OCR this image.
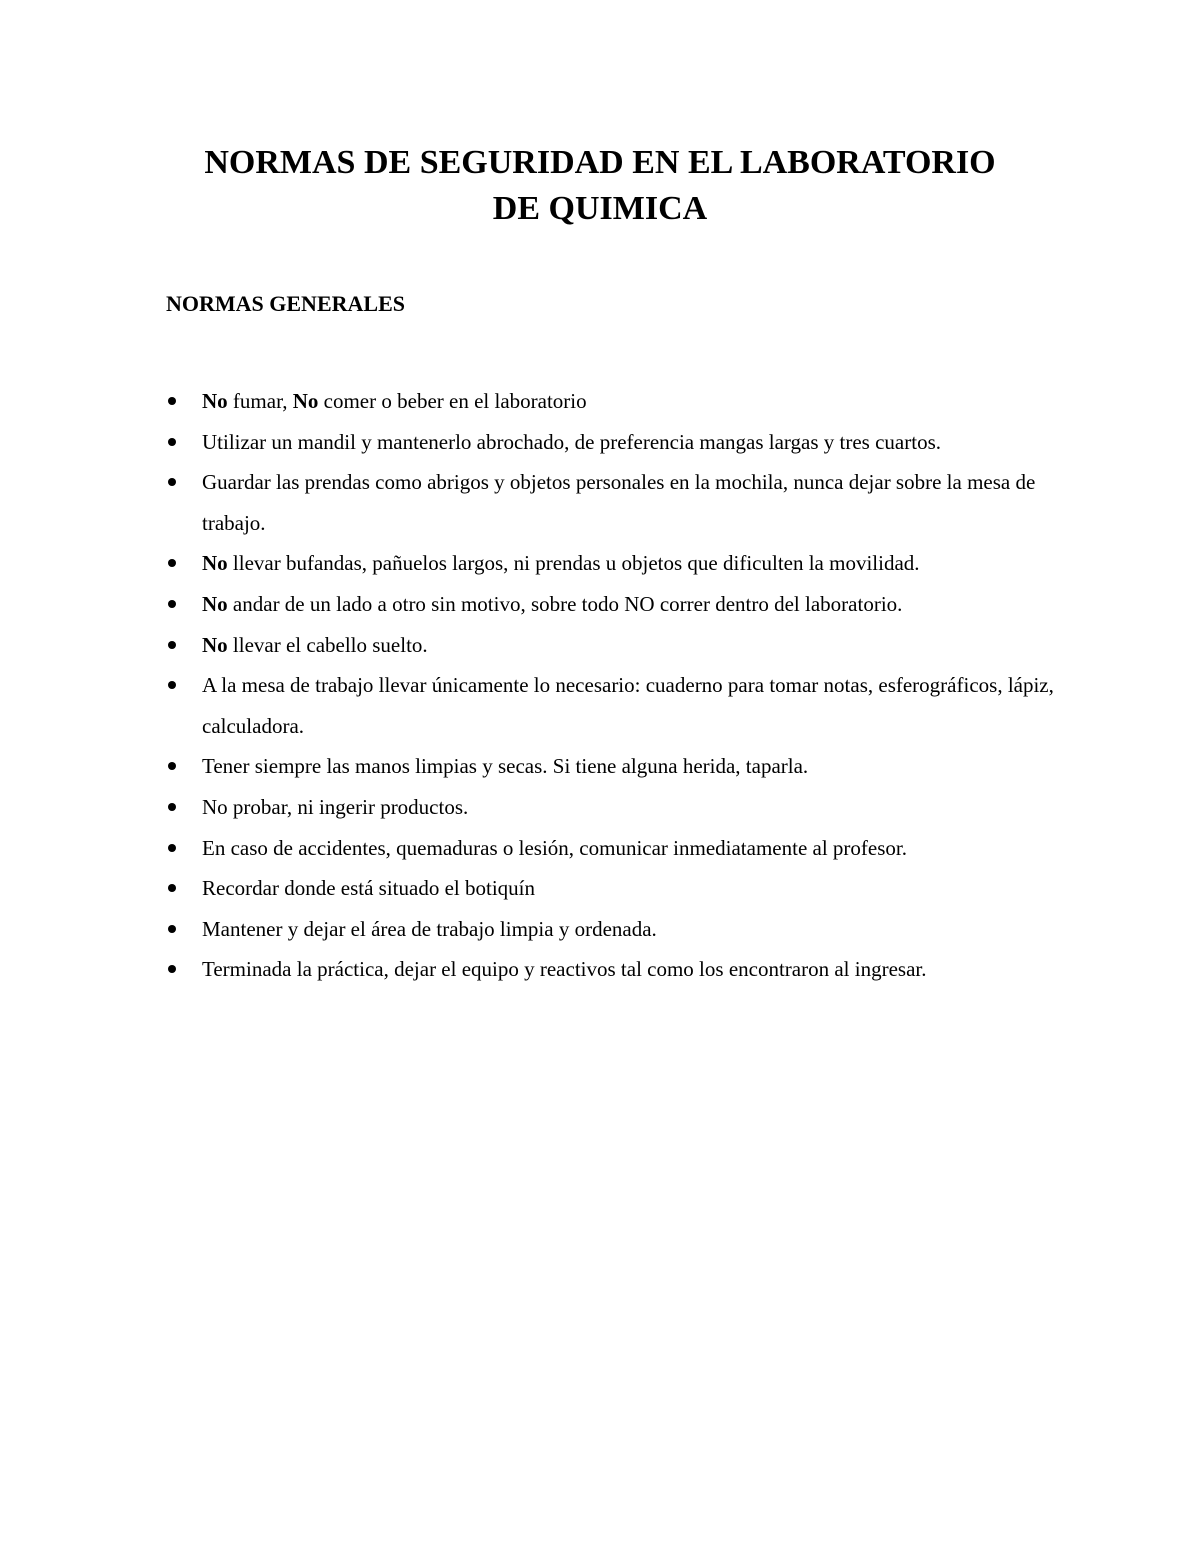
NORMAS DE SEGURIDAD EN EL LABORATORIO
DE QUIMICA
NORMAS GENERALES
No fumar, No comer o beber en el laboratorio
Utilizar un mandil y mantenerlo abrochado, de preferencia mangas largas y tres cuartos.
Guardar las prendas como abrigos y objetos personales en la mochila, nunca dejar sobre la mesa de trabajo.
No llevar bufandas, pañuelos largos, ni prendas u objetos que dificulten la movilidad.
No andar de un lado a otro sin motivo, sobre todo NO correr dentro del laboratorio.
No llevar el cabello suelto.
A la mesa de trabajo llevar únicamente lo necesario: cuaderno para tomar notas, esferográficos, lápiz, calculadora.
Tener siempre las manos limpias y secas. Si tiene alguna herida, taparla.
No probar, ni ingerir productos.
En caso de accidentes, quemaduras o lesión, comunicar inmediatamente al profesor.
Recordar donde está situado el botiquín
Mantener y dejar el área de trabajo limpia y ordenada.
Terminada la práctica, dejar el equipo y reactivos tal como los encontraron al ingresar.
